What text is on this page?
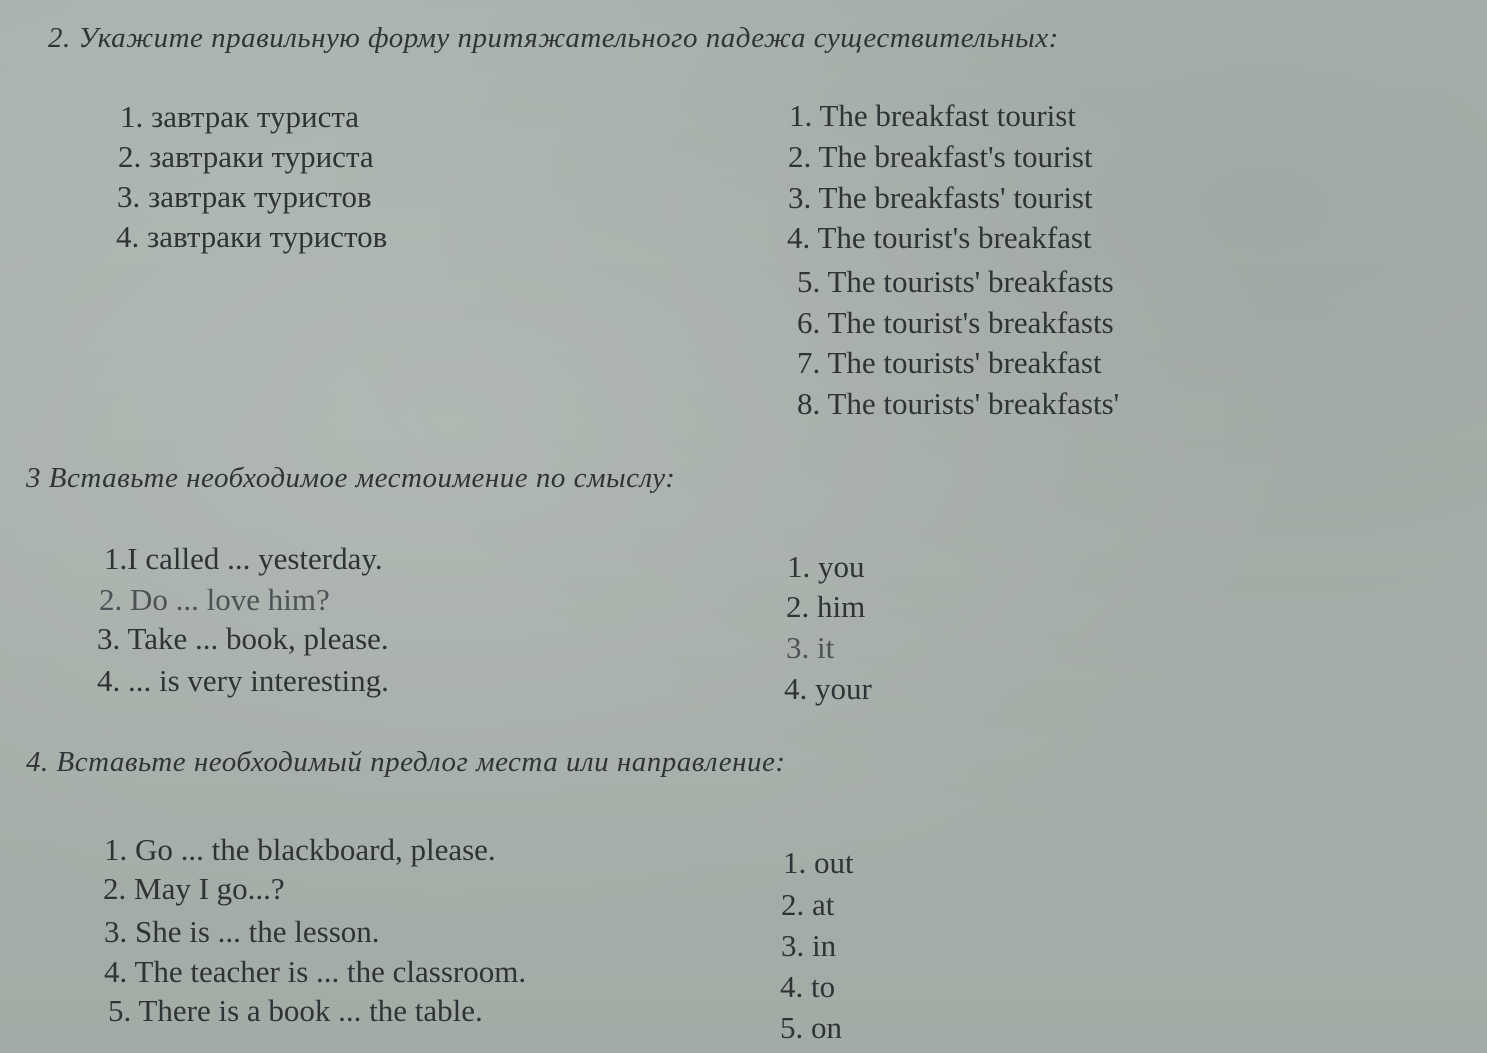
2. Укажите правильную форму притяжательного падежа существительных:
1. завтрак туриста
2. завтраки туриста
3. завтрак туристов
4. завтраки туристов
1. The breakfast tourist
2. The breakfast's tourist
3. The breakfasts' tourist
4. The tourist's breakfast
5. The tourists' breakfasts
6. The tourist's breakfasts
7. The tourists' breakfast
8. The tourists' breakfasts'
3 Вставьте необходимое местоимение по смыслу:
1.I called ... yesterday.
2. Do ... love him?
3. Take ... book, please.
4. ... is very interesting.
1. you
2. him
3. it
4. your
4. Вставьте необходимый предлог места или направление:
1. Go ... the blackboard, please.
2. May I go...?
3. She is ... the lesson.
4. The teacher is ... the classroom.
5. There is a book ... the table.
1. out
2. at
3. in
4. to
5. on
